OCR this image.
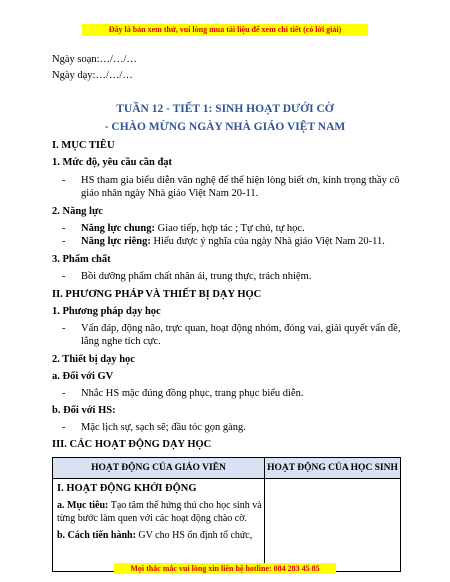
Đây là bản xem thử, vui lòng mua tài liệu để xem chi tiết (có lời giải)
Ngày soạn:…/…/…
Ngày dạy:…/…/…
TUẦN 12 - TIẾT 1: SINH HOẠT DƯỚI CỜ
- CHÀO MỪNG NGÀY NHÀ GIÁO VIỆT NAM
I. MỤC TIÊU
1. Mức độ, yêu cầu cần đạt
- HS tham gia biểu diễn văn nghệ để thể hiện lòng biết ơn, kính trọng thầy cô
giáo nhân ngày Nhà giáo Việt Nam 20-11.
2. Năng lực
- Năng lực chung: Giao tiếp, hợp tác ; Tự chủ, tự học.
- Năng lực riêng: Hiểu được ý nghĩa của ngày Nhà giáo Việt Nam 20-11.
3. Phẩm chất
- Bồi dưỡng phẩm chất nhân ái, trung thực, trách nhiệm.
II. PHƯƠNG PHÁP VÀ THIẾT BỊ DẠY HỌC
1. Phương pháp dạy học
- Vấn đáp, động não, trực quan, hoạt động nhóm, đóng vai, giải quyết vấn đề,
lắng nghe tích cực.
2. Thiết bị dạy học
a. Đối với GV
- Nhắc HS mặc đúng đồng phục, trang phục biểu diễn.
b. Đối với HS:
- Mặc lịch sự, sạch sẽ; đầu tóc gọn gàng.
III. CÁC HOẠT ĐỘNG DẠY HỌC
HOẠT ĐỘNG CỦA GIÁO VIÊN	HOẠT ĐỘNG CỦA HỌC SINH

I. HOẠT ĐỘNG KHỞI ĐỘNG
a. Mục tiêu: Tạo tâm thế hứng thú cho học sinh và
từng bước làm quen với các hoạt động chào cờ.
b. Cách tiến hành: GV cho HS ổn định tổ chức,	

Mọi thắc mắc vui lòng xin liên hệ hotline: 084 283 45 85
